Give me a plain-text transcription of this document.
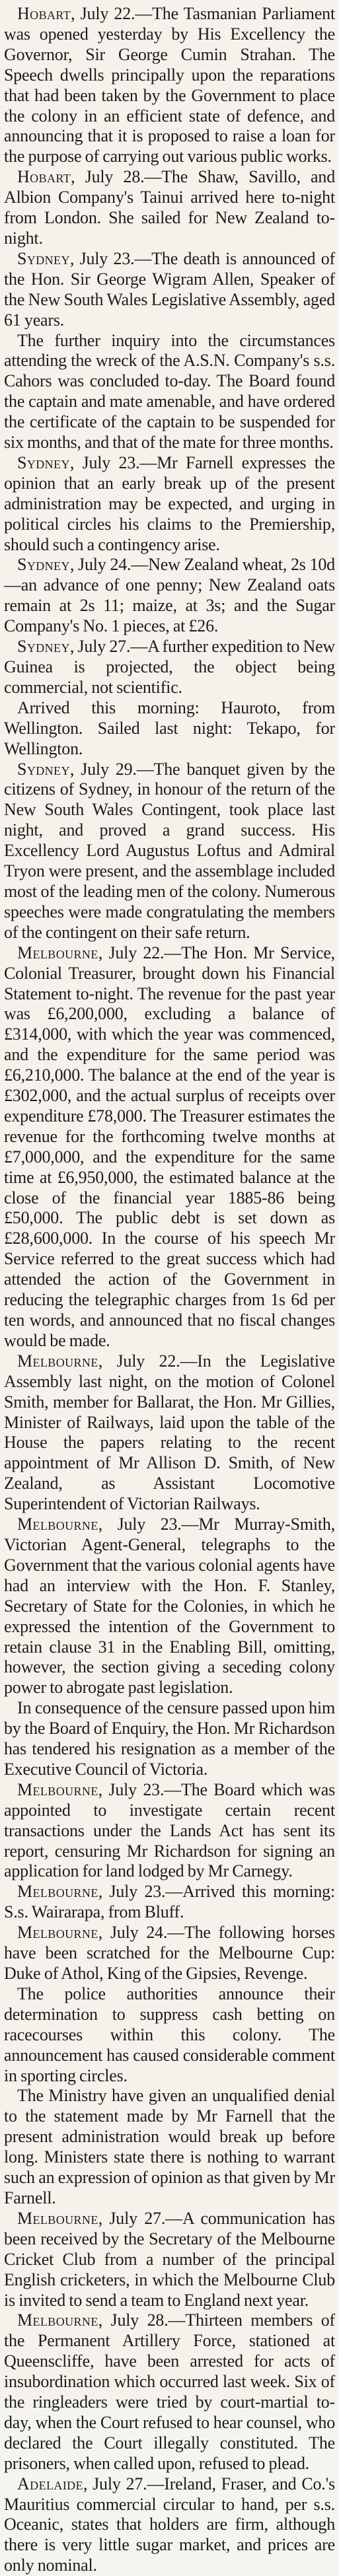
Hobart, July 22.—The Tasmanian Parliament was opened yesterday by His Excellency the Governor, Sir George Cumin Strahan. The Speech dwells principally upon the reparations that had been taken by the Government to place the colony in an efficient state of defence, and announcing that it is proposed to raise a loan for the purpose of carrying out various public works.

Hobart, July 28.—The Shaw, Savillo, and Albion Company's Tainui arrived here to-night from London. She sailed for New Zealand to-night.

Sydney, July 23.—The death is announced of the Hon. Sir George Wigram Allen, Speaker of the New South Wales Legislative Assembly, aged 61 years.

The further inquiry into the circumstances attending the wreck of the A.S.N. Company's s.s. Cahors was concluded to-day. The Board found the captain and mate amenable, and have ordered the certificate of the captain to be suspended for six months, and that of the mate for three months.

Sydney, July 23.—Mr Farnell expresses the opinion that an early break up of the present administration may be expected, and urging in political circles his claims to the Premiership, should such a contingency arise.

Sydney, July 24.—New Zealand wheat, 2s 10d—an advance of one penny; New Zealand oats remain at 2s 11; maize, at 3s; and the Sugar Company's No. 1 pieces, at £26.

Sydney, July 27.—A further expedition to New Guinea is projected, the object being commercial, not scientific.

Arrived this morning: Hauroto, from Wellington. Sailed last night: Tekapo, for Wellington.

Sydney, July 29.—The banquet given by the citizens of Sydney, in honour of the return of the New South Wales Contingent, took place last night, and proved a grand success. His Excellency Lord Augustus Loftus and Admiral Tryon were present, and the assemblage included most of the leading men of the colony. Numerous speeches were made congratulating the members of the contingent on their safe return.

Melbourne, July 22.—The Hon. Mr Service, Colonial Treasurer, brought down his Financial Statement to-night. The revenue for the past year was £6,200,000, excluding a balance of £314,000, with which the year was commenced, and the expenditure for the same period was £6,210,000. The balance at the end of the year is £302,000, and the actual surplus of receipts over expenditure £78,000. The Treasurer estimates the revenue for the forthcoming twelve months at £7,000,000, and the expenditure for the same time at £6,950,000, the estimated balance at the close of the financial year 1885-86 being £50,000. The public debt is set down as £28,600,000. In the course of his speech Mr Service referred to the great success which had attended the action of the Government in reducing the telegraphic charges from 1s 6d per ten words, and announced that no fiscal changes would be made.

Melbourne, July 22.—In the Legislative Assembly last night, on the motion of Colonel Smith, member for Ballarat, the Hon. Mr Gillies, Minister of Railways, laid upon the table of the House the papers relating to the recent appointment of Mr Allison D. Smith, of New Zealand, as Assistant Locomotive Superintendent of Victorian Railways.

Melbourne, July 23.—Mr Murray-Smith, Victorian Agent-General, telegraphs to the Government that the various colonial agents have had an interview with the Hon. F. Stanley, Secretary of State for the Colonies, in which he expressed the intention of the Government to retain clause 31 in the Enabling Bill, omitting, however, the section giving a seceding colony power to abrogate past legislation.

In consequence of the censure passed upon him by the Board of Enquiry, the Hon. Mr Richardson has tendered his resignation as a member of the Executive Council of Victoria.

Melbourne, July 23.—The Board which was appointed to investigate certain recent transactions under the Lands Act has sent its report, censuring Mr Richardson for signing an application for land lodged by Mr Carnegy.

Melbourne, July 23.—Arrived this morning: S.s. Wairarapa, from Bluff.

Melbourne, July 24.—The following horses have been scratched for the Melbourne Cup: Duke of Athol, King of the Gipsies, Revenge.

The police authorities announce their determination to suppress cash betting on racecourses within this colony. The announcement has caused considerable comment in sporting circles.

The Ministry have given an unqualified denial to the statement made by Mr Farnell that the present administration would break up before long. Ministers state there is nothing to warrant such an expression of opinion as that given by Mr Farnell.

Melbourne, July 27.—A communication has been received by the Secretary of the Melbourne Cricket Club from a number of the principal English cricketers, in which the Melbourne Club is invited to send a team to England next year.

Melbourne, July 28.—Thirteen members of the Permanent Artillery Force, stationed at Queenscliffe, have been arrested for acts of insubordination which occurred last week. Six of the ringleaders were tried by court-martial to-day, when the Court refused to hear counsel, who declared the Court illegally constituted. The prisoners, when called upon, refused to plead.

Adelaide, July 27.—Ireland, Fraser, and Co.'s Mauritius commercial circular to hand, per s.s. Oceanic, states that holders are firm, although there is very little sugar market, and prices are only nominal.
